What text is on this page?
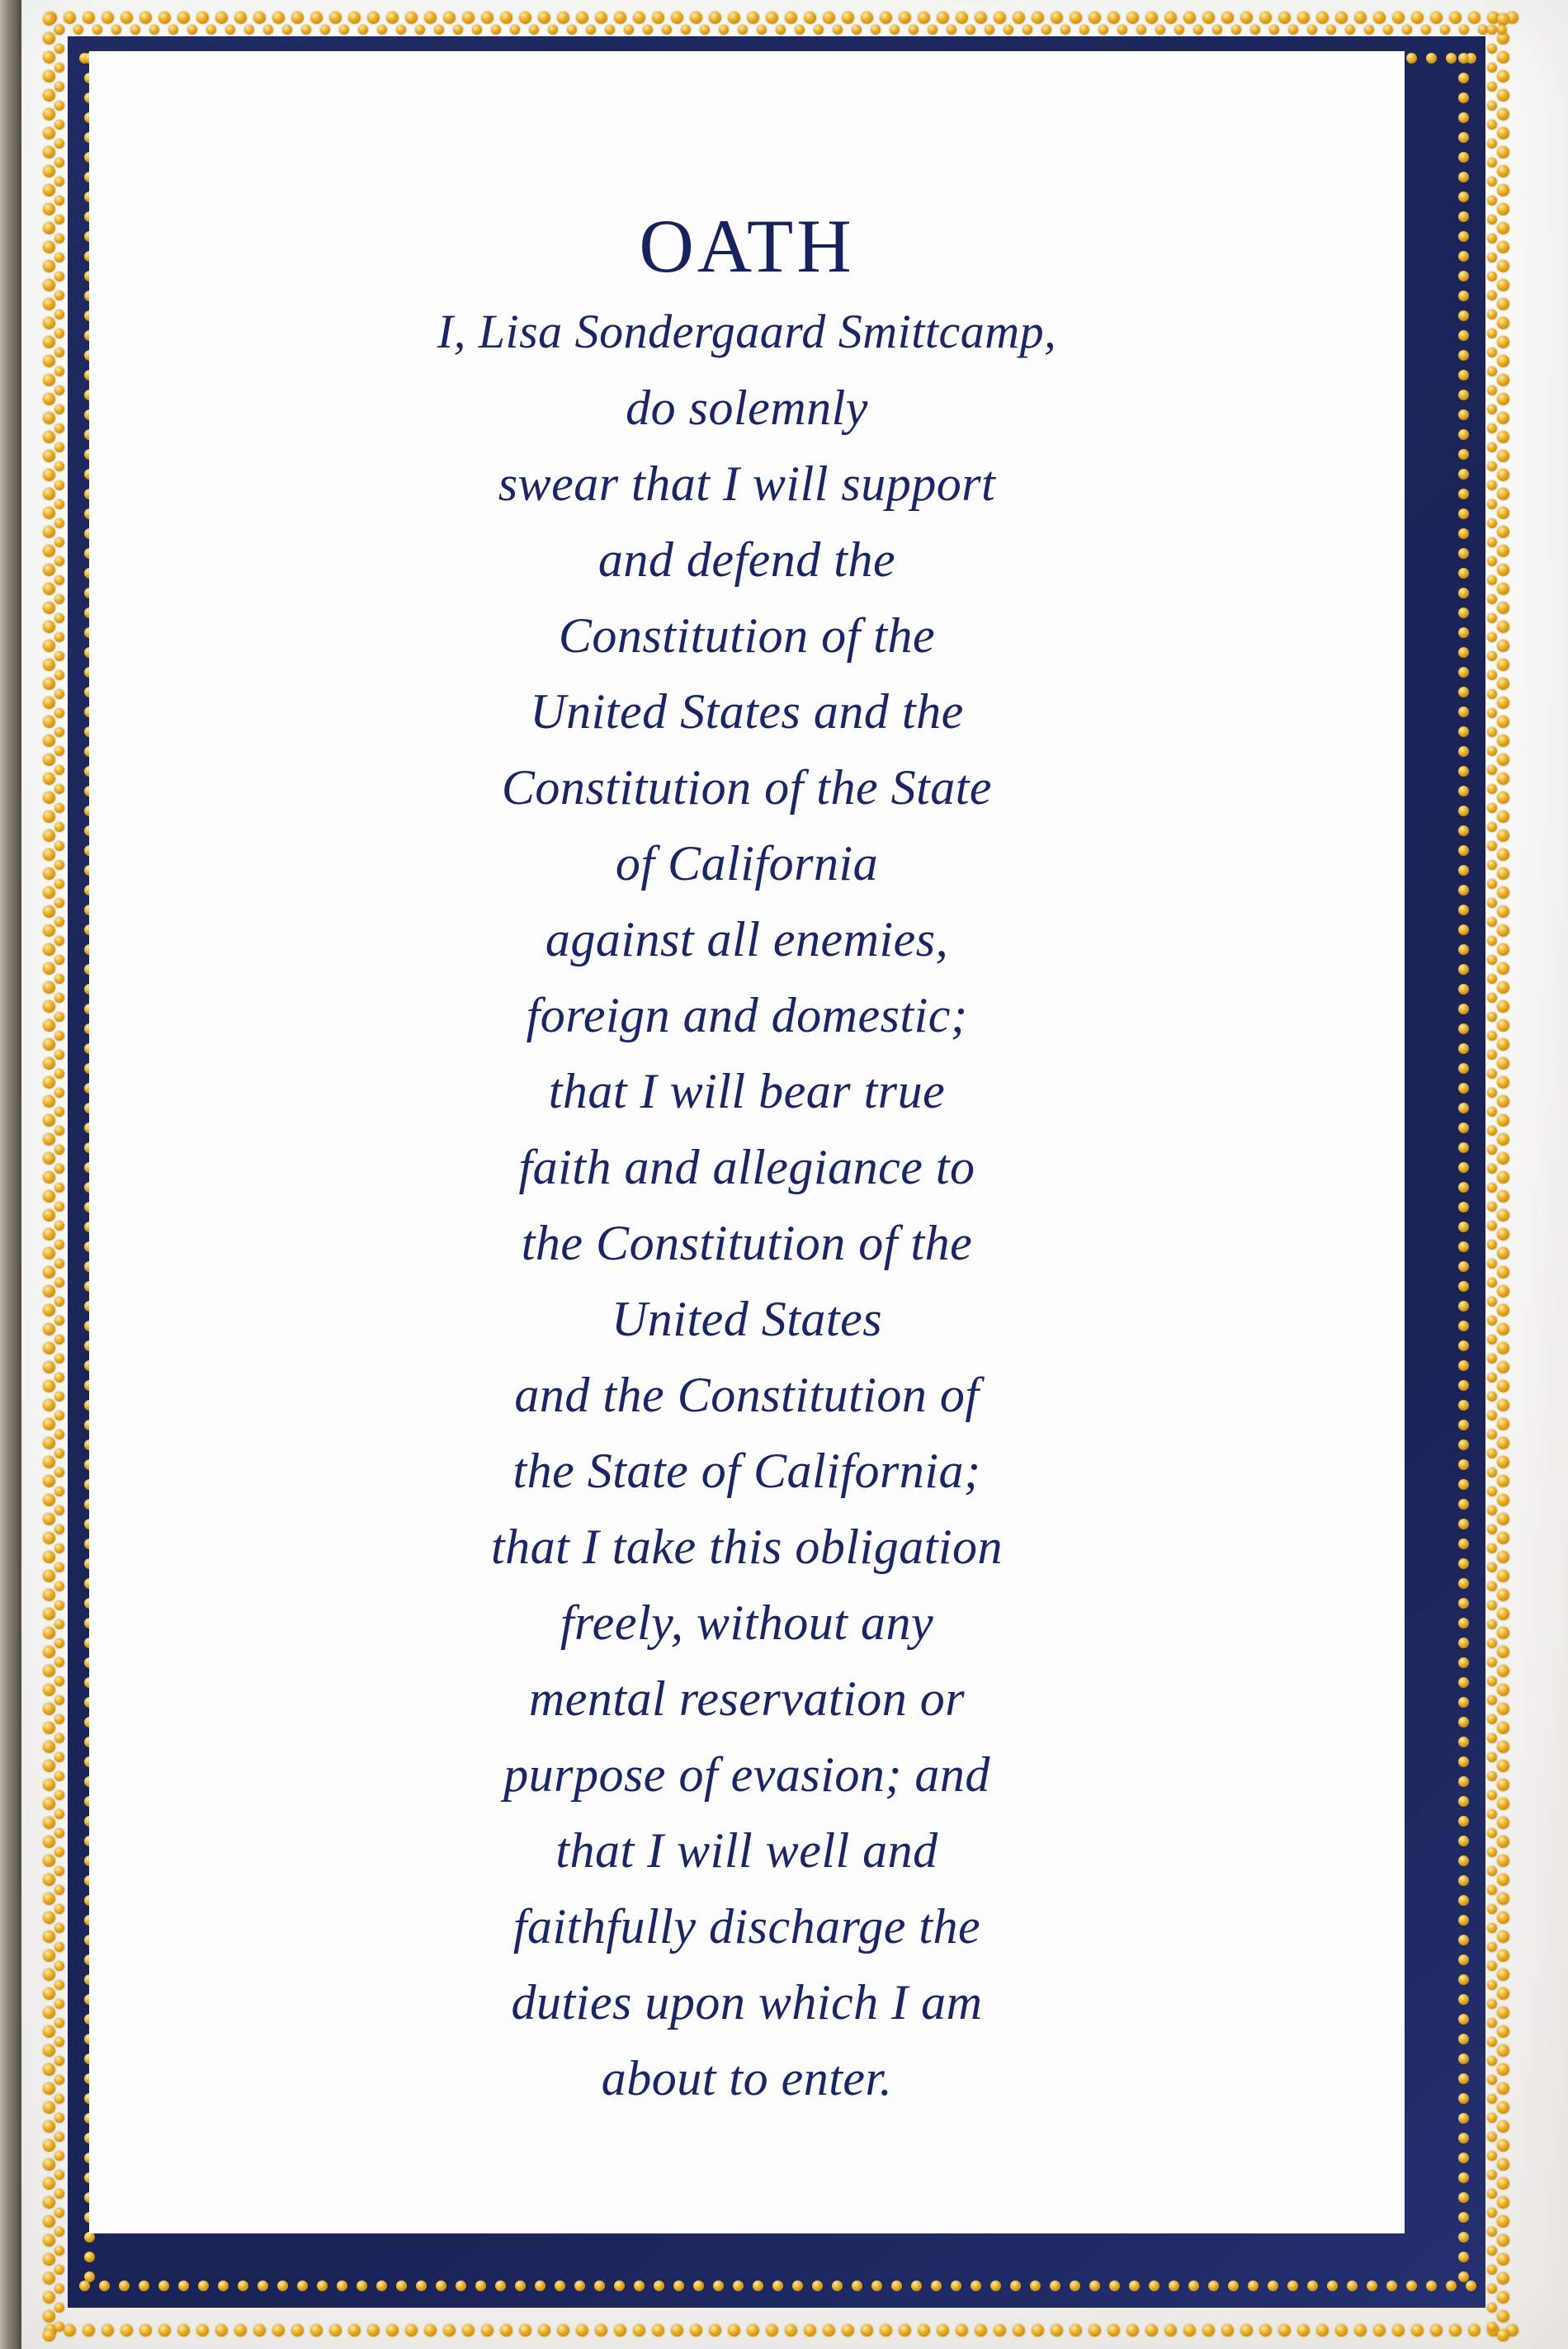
OATH
I, Lisa Sondergaard Smittcamp,
do solemnly
swear that I will support
and defend the
Constitution of the
United States and the
Constitution of the State
of California
against all enemies,
foreign and domestic;
that I will bear true
faith and allegiance to
the Constitution of the
United States
and the Constitution of
the State of California;
that I take this obligation
freely, without any
mental reservation or
purpose of evasion; and
that I will well and
faithfully discharge the
duties upon which I am
about to enter.
